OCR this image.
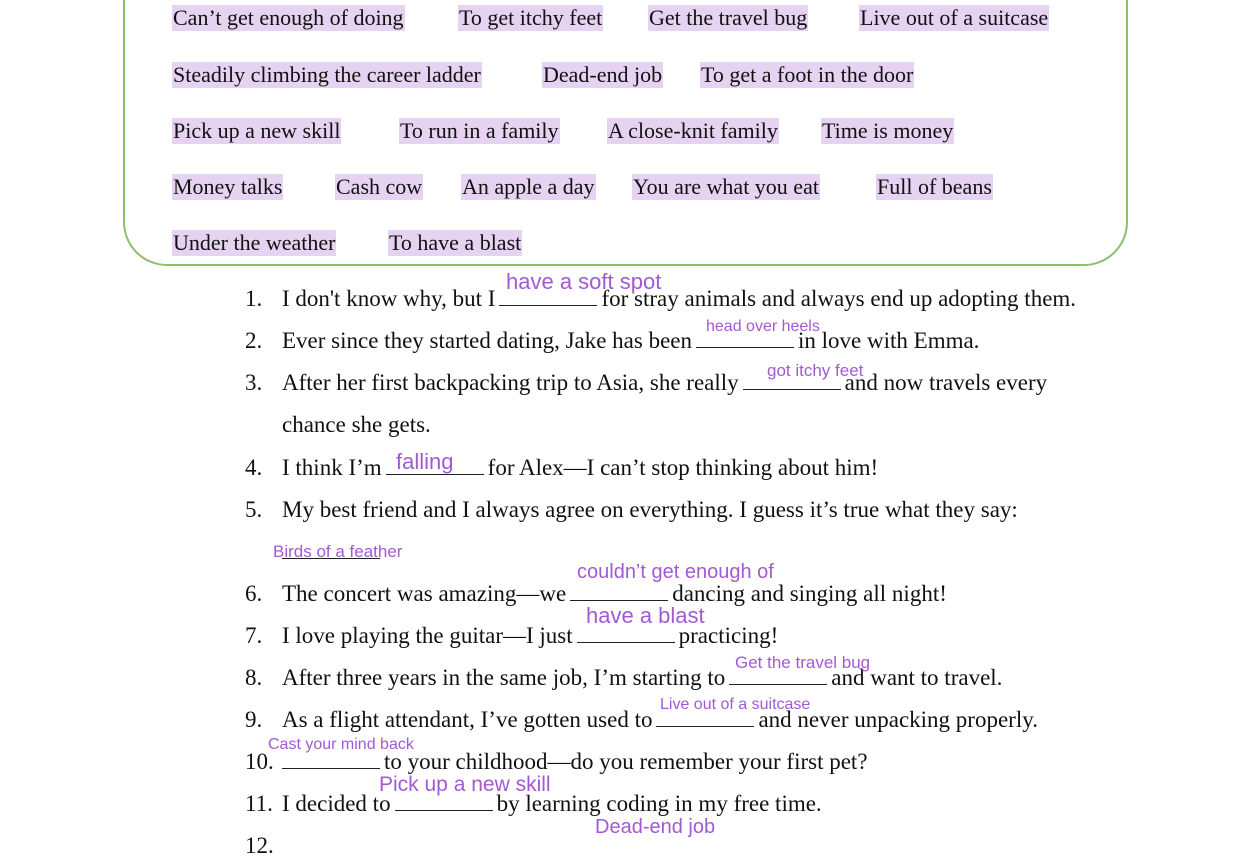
Can’t get enough of doing	To get itchy feet Get the travel bug Live out of a suitcase
Steadily climbing the career ladder	Dead-end job To get a foot in the door
Pick up a new skill	To run in a family A close-knit family Time is money
Money talks Cash cow An apple a day You are what you eat	Full of beans
Under the weather To have a blast
1. I don't know why, but I	for stray animals and always end up adopting them.
have a soft spot
2. Ever since they started dating, Jake has been	in love with Emma.
head over heels
3. After her first backpacking trip to Asia, she really	and now travels every
chance she gets.
got itchy feet
4. I think I’m	for Alex—I can’t stop thinking about him!
falling
5. My best friend and I always agree on everything. I guess it’s true what they say:
Birds of a feather
6. The concert was amazing—we	dancing and singing all night!
couldn’t get enough of
7. I love playing the guitar—I just	practicing!
have a blast
8. After three years in the same job, I’m starting to	and want to travel.
Get the travel bug
9. As a flight attendant, I’ve gotten used to	and never unpacking properly.
Live out of a suitcase
10.	to your childhood—do you remember your first pet?
Cast your mind back
11. I decided to	by learning coding in my free time.
Pick up a new skill
12.
Dead-end job
